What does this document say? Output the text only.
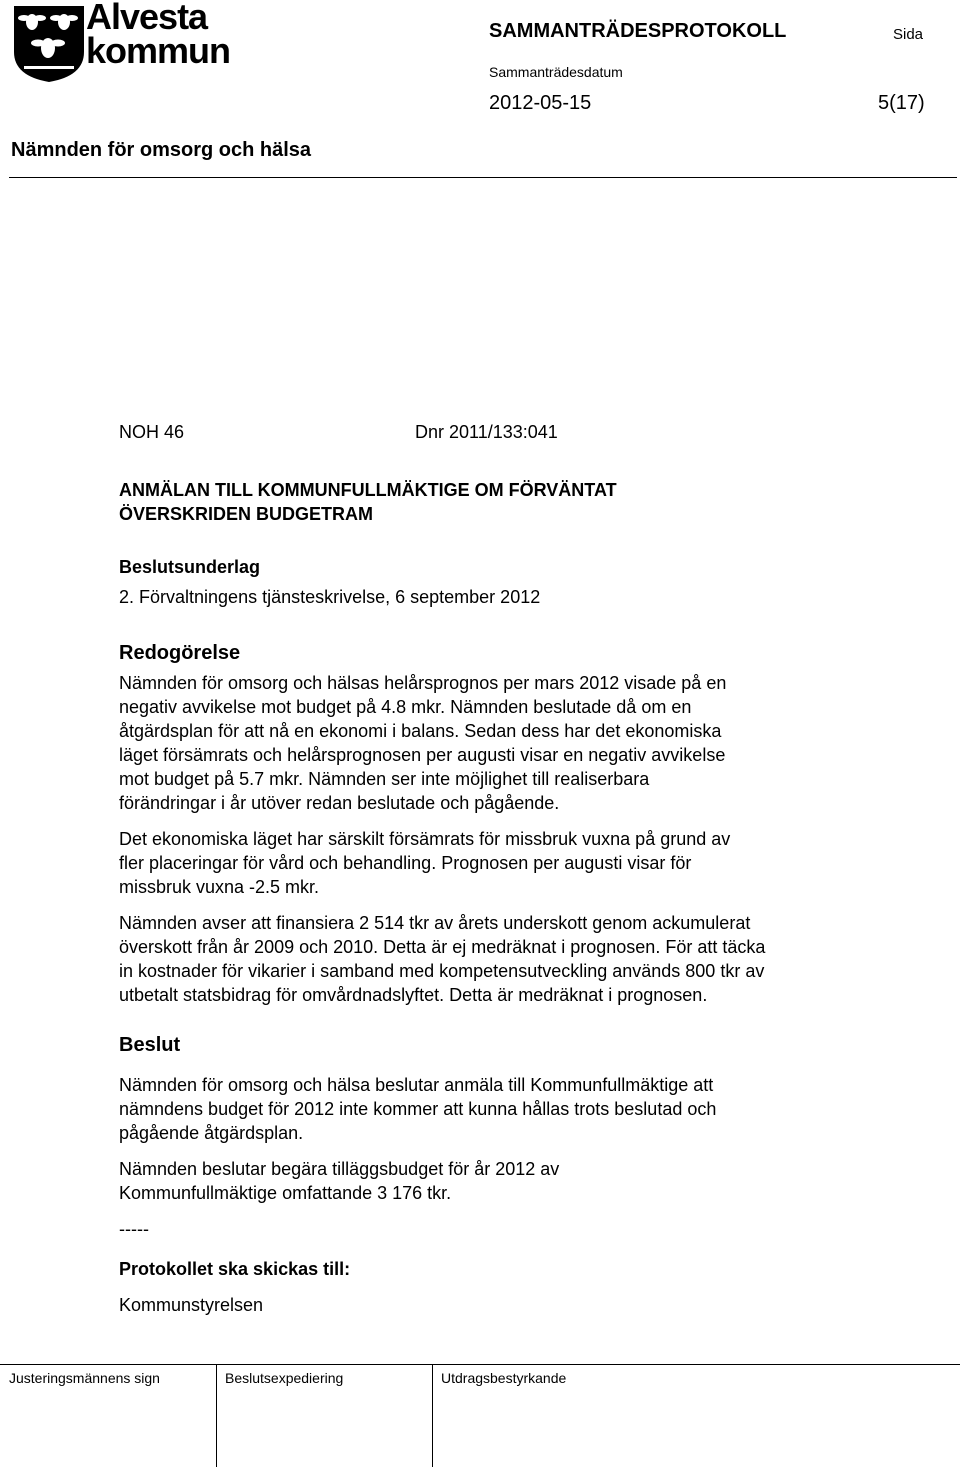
Alvesta
kommun	SAMMANTRÄDESPROTOKOLL	Sida
Sammanträdesdatum
2012-05-15	5(17)
Nämnden för omsorg och hälsa
NOH 46	Dnr 2011/133:041
ANMÄLAN TILL KOMMUNFULLMÄKTIGE OM FÖRVÄNTAT
ÖVERSKRIDEN BUDGETRAM
Beslutsunderlag
2. Förvaltningens tjänsteskrivelse, 6 september 2012
Redogörelse

Nämnden för omsorg och hälsas helårsprognos per mars 2012 visade på en negativ avvikelse mot budget på 4.8 mkr. Nämnden beslutade då om en åtgärdsplan för att nå en ekonomi i balans. Sedan dess har det ekonomiska läget försämrats och helårsprognosen per augusti visar en negativ avvikelse mot budget på 5.7 mkr. Nämnden ser inte möjlighet till realiserbara förändringar i år utöver redan beslutade och pågående.

Det ekonomiska läget har särskilt försämrats för missbruk vuxna på grund av fler placeringar för vård och behandling. Prognosen per augusti visar för missbruk vuxna -2.5 mkr.

Nämnden avser att finansiera 2 514 tkr av årets underskott genom ackumulerat överskott från år 2009 och 2010. Detta är ej medräknat i prognosen. För att täcka in kostnader för vikarier i samband med kompetensutveckling används 800 tkr av utbetalt statsbidrag för omvårdnadslyftet. Detta är medräknat i prognosen.

Beslut

Nämnden för omsorg och hälsa beslutar anmäla till Kommunfullmäktige att nämndens budget för 2012 inte kommer att kunna hållas trots beslutad och pågående åtgärdsplan.

Nämnden beslutar begära tilläggsbudget för år 2012 av Kommunfullmäktige omfattande 3 176 tkr.

-----
Protokollet ska skickas till:
Kommunstyrelsen
Justeringsmännens sign	Beslutsexpediering	Utdragsbestyrkande
